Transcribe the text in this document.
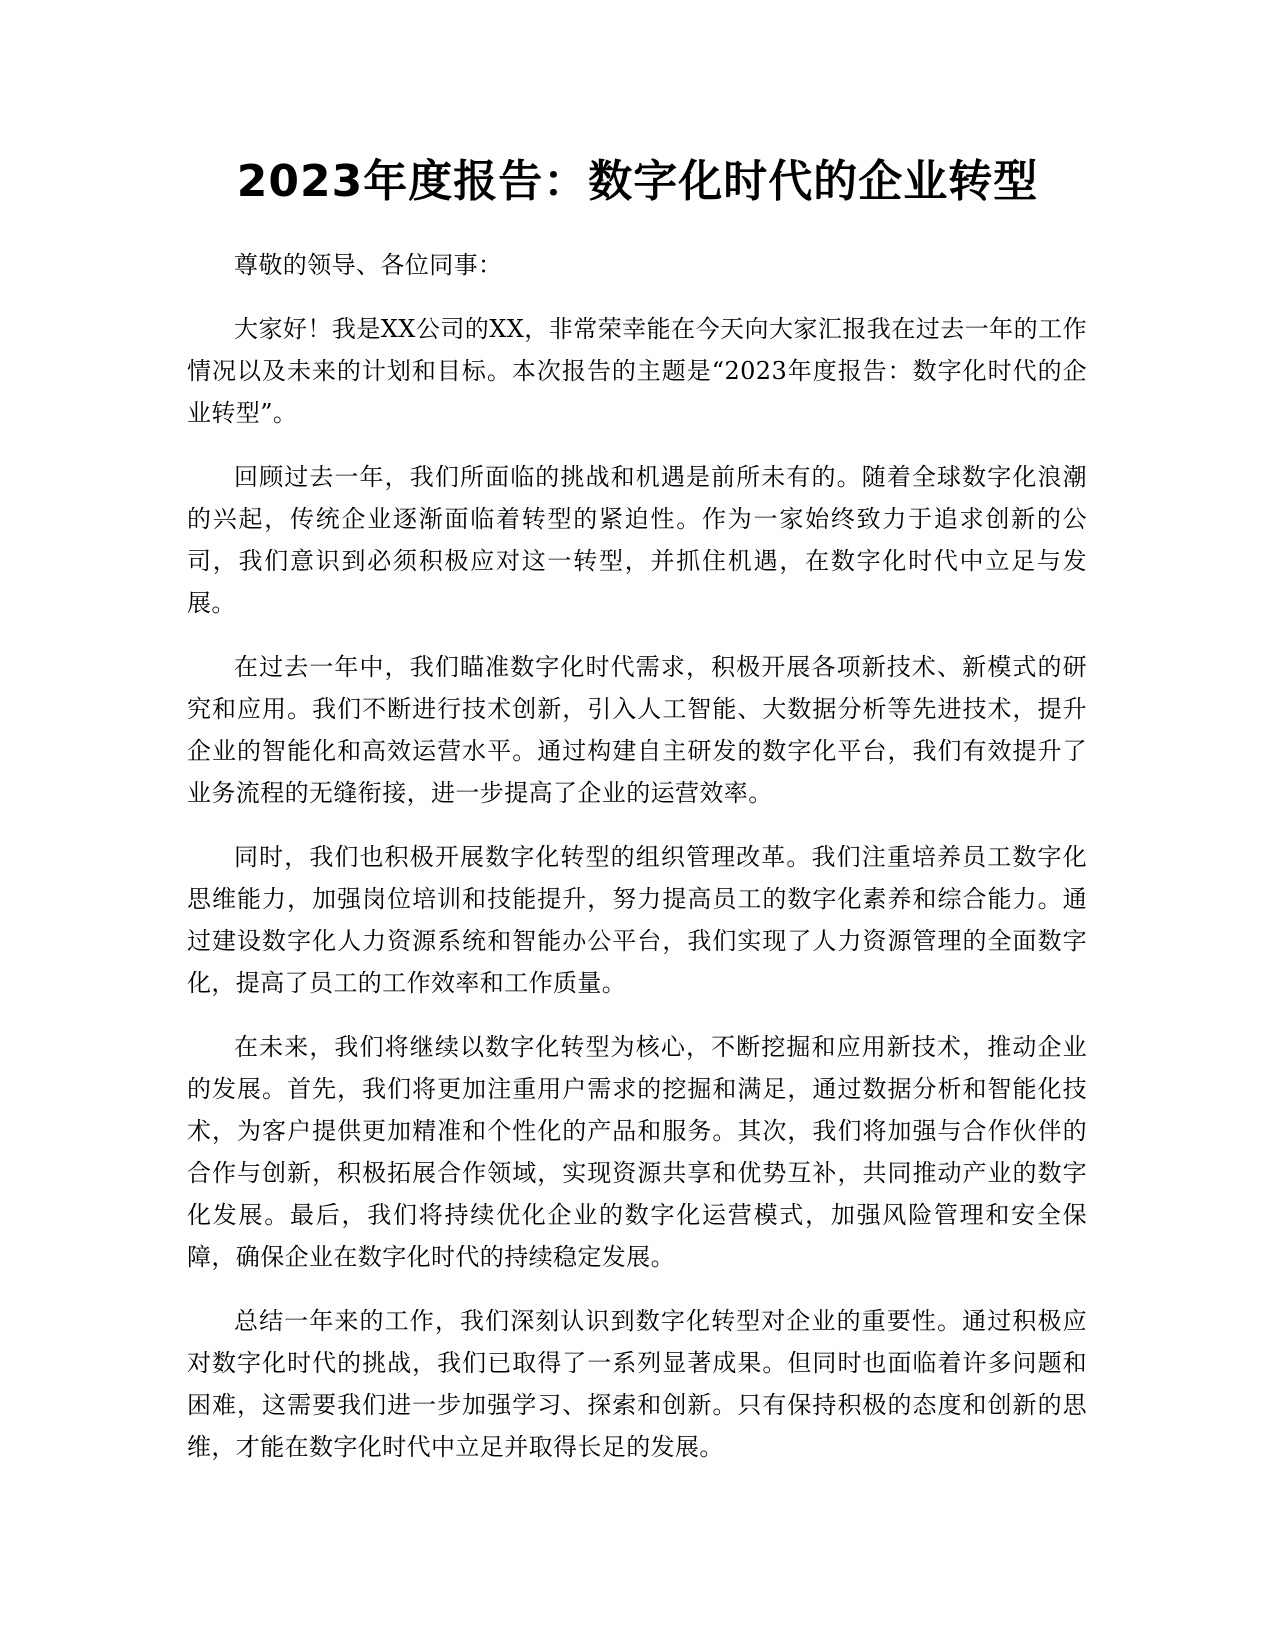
2023年度报告：数字化时代的企业转型

尊敬的领导、各位同事：

大家好！我是XX公司的XX，非常荣幸能在今天向大家汇报我在过去一年的工作情况以及未来的计划和目标。本次报告的主题是“2023年度报告：数字化时代的企业转型”。

回顾过去一年，我们所面临的挑战和机遇是前所未有的。随着全球数字化浪潮的兴起，传统企业逐渐面临着转型的紧迫性。作为一家始终致力于追求创新的公司，我们意识到必须积极应对这一转型，并抓住机遇，在数字化时代中立足与发展。

在过去一年中，我们瞄准数字化时代需求，积极开展各项新技术、新模式的研究和应用。我们不断进行技术创新，引入人工智能、大数据分析等先进技术，提升企业的智能化和高效运营水平。通过构建自主研发的数字化平台，我们有效提升了业务流程的无缝衔接，进一步提高了企业的运营效率。

同时，我们也积极开展数字化转型的组织管理改革。我们注重培养员工数字化思维能力，加强岗位培训和技能提升，努力提高员工的数字化素养和综合能力。通过建设数字化人力资源系统和智能办公平台，我们实现了人力资源管理的全面数字化，提高了员工的工作效率和工作质量。

在未来，我们将继续以数字化转型为核心，不断挖掘和应用新技术，推动企业的发展。首先，我们将更加注重用户需求的挖掘和满足，通过数据分析和智能化技术，为客户提供更加精准和个性化的产品和服务。其次，我们将加强与合作伙伴的合作与创新，积极拓展合作领域，实现资源共享和优势互补，共同推动产业的数字化发展。最后，我们将持续优化企业的数字化运营模式，加强风险管理和安全保障，确保企业在数字化时代的持续稳定发展。

总结一年来的工作，我们深刻认识到数字化转型对企业的重要性。通过积极应对数字化时代的挑战，我们已取得了一系列显著成果。但同时也面临着许多问题和困难，这需要我们进一步加强学习、探索和创新。只有保持积极的态度和创新的思维，才能在数字化时代中立足并取得长足的发展。
